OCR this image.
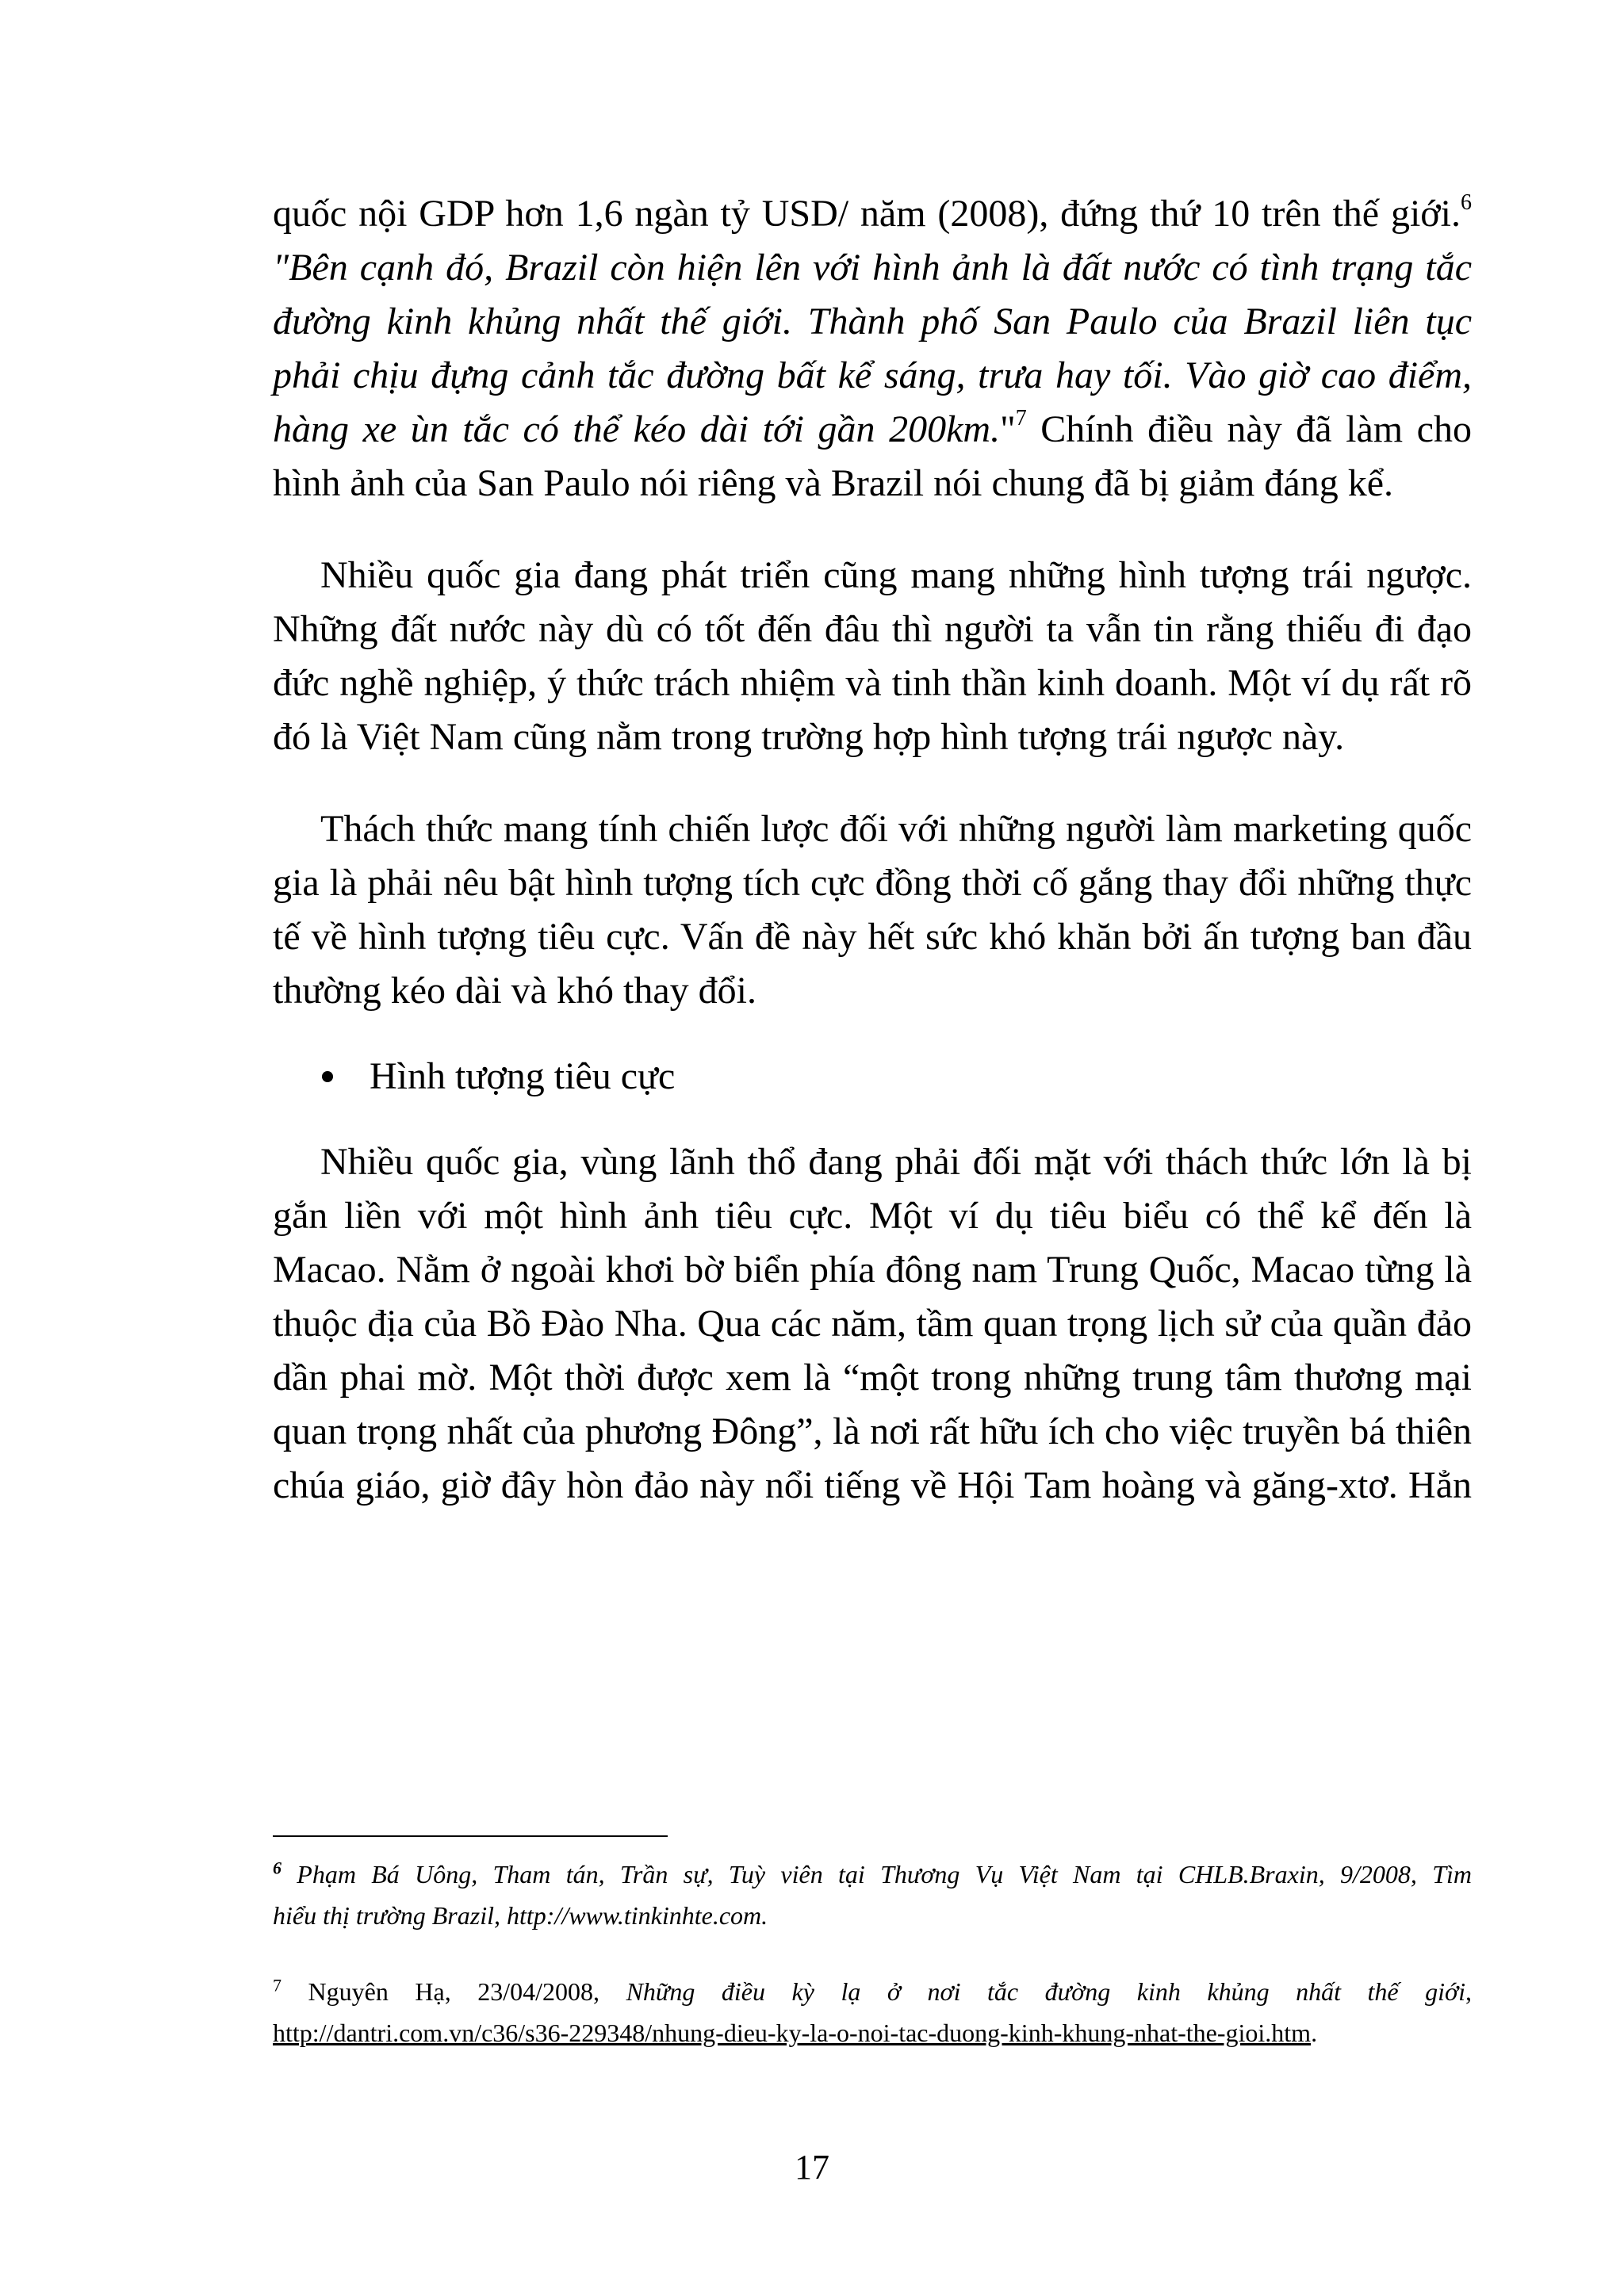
quốc nội GDP hơn 1,6 ngàn tỷ USD/ năm (2008), đứng thứ 10 trên thế giới.$^6$
"Bên cạnh đó, Brazil còn hiện lên với hình ảnh là đất nước có tình trạng tắc
đường kinh khủng nhất thế giới. Thành phố San Paulo của Brazil liên tục
phải chịu đựng cảnh tắc đường bất kể sáng, trưa hay tối. Vào giờ cao điểm,
hàng xe ùn tắc có thể kéo dài tới gần 200km."$^7$ Chính điều này đã làm cho
hình ảnh của San Paulo nói riêng và Brazil nói chung đã bị giảm đáng kể.
Nhiều quốc gia đang phát triển cũng mang những hình tượng trái ngược.
Những đất nước này dù có tốt đến đâu thì người ta vẫn tin rằng thiếu đi đạo
đức nghề nghiệp, ý thức trách nhiệm và tinh thần kinh doanh. Một ví dụ rất rõ
đó là Việt Nam cũng nằm trong trường hợp hình tượng trái ngược này.
Thách thức mang tính chiến lược đối với những người làm marketing quốc
gia là phải nêu bật hình tượng tích cực đồng thời cố gắng thay đổi những thực
tế về hình tượng tiêu cực. Vấn đề này hết sức khó khăn bởi ấn tượng ban đầu
thường kéo dài và khó thay đổi.
Hình tượng tiêu cực
Nhiều quốc gia, vùng lãnh thổ đang phải đối mặt với thách thức lớn là bị
gắn liền với một hình ảnh tiêu cực. Một ví dụ tiêu biểu có thể kể đến là
Macao. Nằm ở ngoài khơi bờ biển phía đông nam Trung Quốc, Macao từng là
thuộc địa của Bồ Đào Nha. Qua các năm, tầm quan trọng lịch sử của quần đảo
dần phai mờ. Một thời được xem là “một trong những trung tâm thương mại
quan trọng nhất của phương Đông”, là nơi rất hữu ích cho việc truyền bá thiên
chúa giáo, giờ đây hòn đảo này nổi tiếng về Hội Tam hoàng và găng-xtơ. Hẳn
$^6$ Phạm Bá Uông, Tham tán, Trần sự, Tuỳ viên tại Thương Vụ Việt Nam tại CHLB.Braxin, 9/2008, Tìm
hiểu thị trường Brazil, http://www.tinkinhte.com.
$^7$ Nguyên Hạ, 23/04/2008, Những điều kỳ lạ ở nơi tắc đường kinh khủng nhất thế giới,
http://dantri.com.vn/c36/s36-229348/nhung-dieu-ky-la-o-noi-tac-duong-kinh-khung-nhat-the-gioi.htm.
17
